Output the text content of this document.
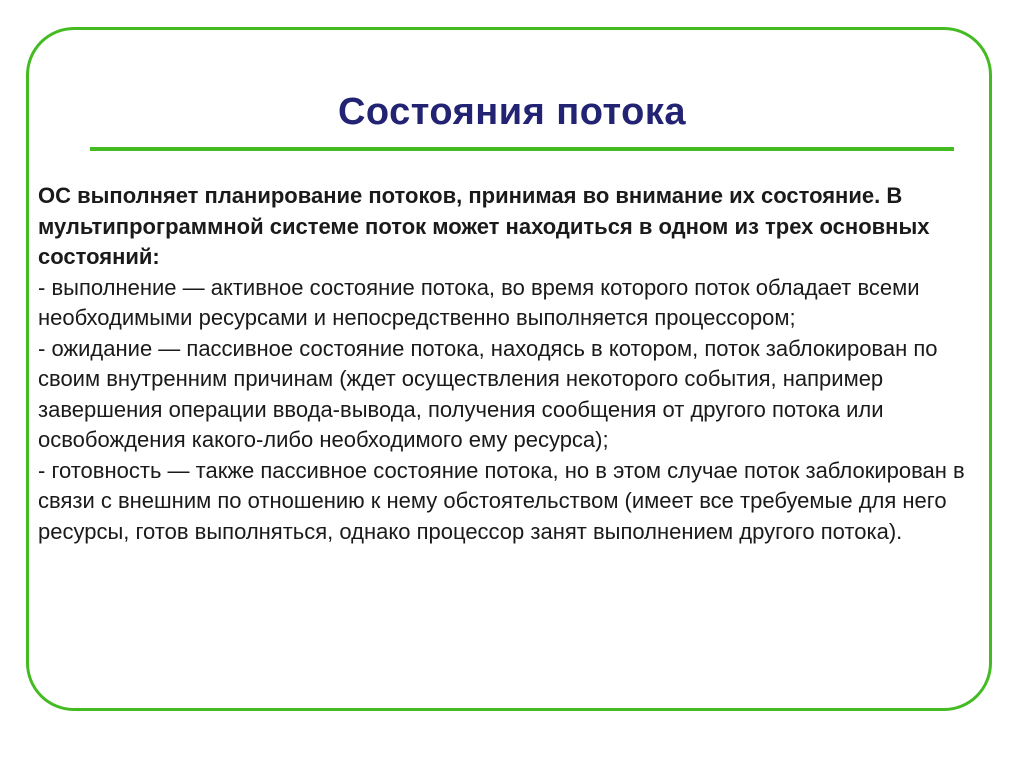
Состояния потока

ОС выполняет планирование потоков, принимая во внимание их состояние. В мультипрограммной системе поток может находиться в одном из трех основных состояний:

- выполнение — активное состояние потока, во время которого поток обладает всеми необходимыми ресурсами и непосредственно выполняется процессором;

- ожидание — пассивное состояние потока, находясь в котором, поток заблокирован по своим внутренним причинам (ждет осуществления некоторого события, например завершения операции ввода-вывода, получения сообщения от другого потока или освобождения какого-либо необходимого ему ресурса);

- готовность — также пассивное состояние потока, но в этом случае поток заблокирован в связи с внешним по отношению к нему обстоятельством (имеет все требуемые для него ресурсы, готов выполняться, однако процессор занят выполнением другого потока).
